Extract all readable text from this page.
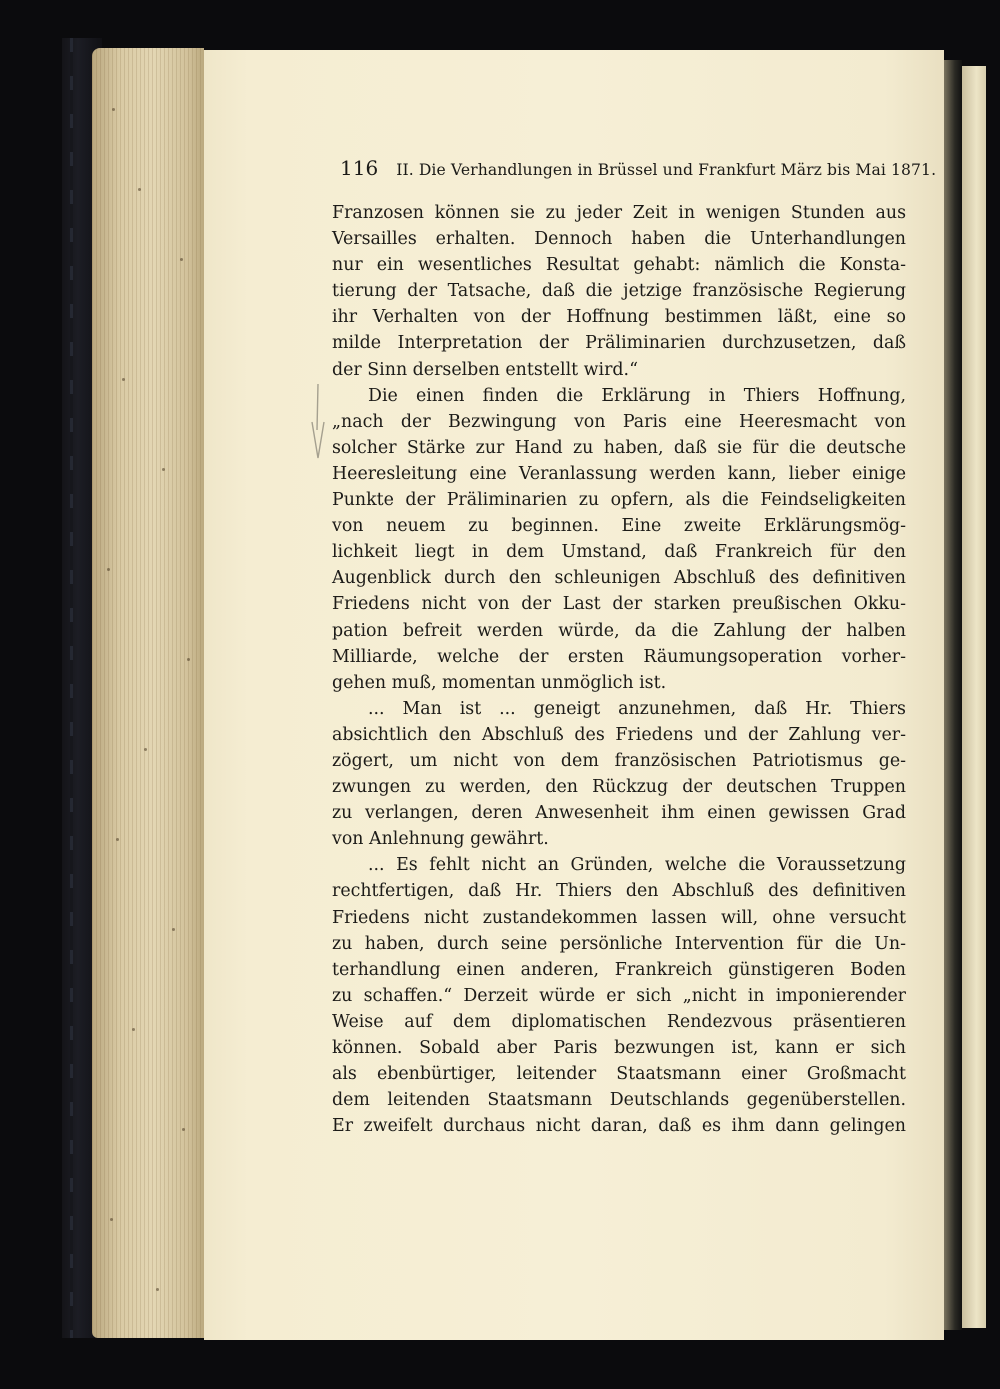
116 II. Die Verhandlungen in Brüssel und Frankfurt März bis Mai 1871.
Franzosen können sie zu jeder Zeit in wenigen Stunden aus
Versailles erhalten. Dennoch haben die Unterhandlungen
nur ein wesentliches Resultat gehabt: nämlich die Konsta-
tierung der Tatsache, daß die jetzige französische Regierung
ihr Verhalten von der Hoffnung bestimmen läßt, eine so
milde Interpretation der Präliminarien durchzusetzen, daß
der Sinn derselben entstellt wird.“
Die einen finden die Erklärung in Thiers Hoffnung,
„nach der Bezwingung von Paris eine Heeresmacht von
solcher Stärke zur Hand zu haben, daß sie für die deutsche
Heeresleitung eine Veranlassung werden kann, lieber einige
Punkte der Präliminarien zu opfern, als die Feindseligkeiten
von neuem zu beginnen. Eine zweite Erklärungsmög-
lichkeit liegt in dem Umstand, daß Frankreich für den
Augenblick durch den schleunigen Abschluß des definitiven
Friedens nicht von der Last der starken preußischen Okku-
pation befreit werden würde, da die Zahlung der halben
Milliarde, welche der ersten Räumungsoperation vorher-
gehen muß, momentan unmöglich ist.
... Man ist ... geneigt anzunehmen, daß Hr. Thiers
absichtlich den Abschluß des Friedens und der Zahlung ver-
zögert, um nicht von dem französischen Patriotismus ge-
zwungen zu werden, den Rückzug der deutschen Truppen
zu verlangen, deren Anwesenheit ihm einen gewissen Grad
von Anlehnung gewährt.
... Es fehlt nicht an Gründen, welche die Voraussetzung
rechtfertigen, daß Hr. Thiers den Abschluß des definitiven
Friedens nicht zustandekommen lassen will, ohne versucht
zu haben, durch seine persönliche Intervention für die Un-
terhandlung einen anderen, Frankreich günstigeren Boden
zu schaffen.“ Derzeit würde er sich „nicht in imponierender
Weise auf dem diplomatischen Rendezvous präsentieren
können. Sobald aber Paris bezwungen ist, kann er sich
als ebenbürtiger, leitender Staatsmann einer Großmacht
dem leitenden Staatsmann Deutschlands gegenüberstellen.
Er zweifelt durchaus nicht daran, daß es ihm dann gelingen
